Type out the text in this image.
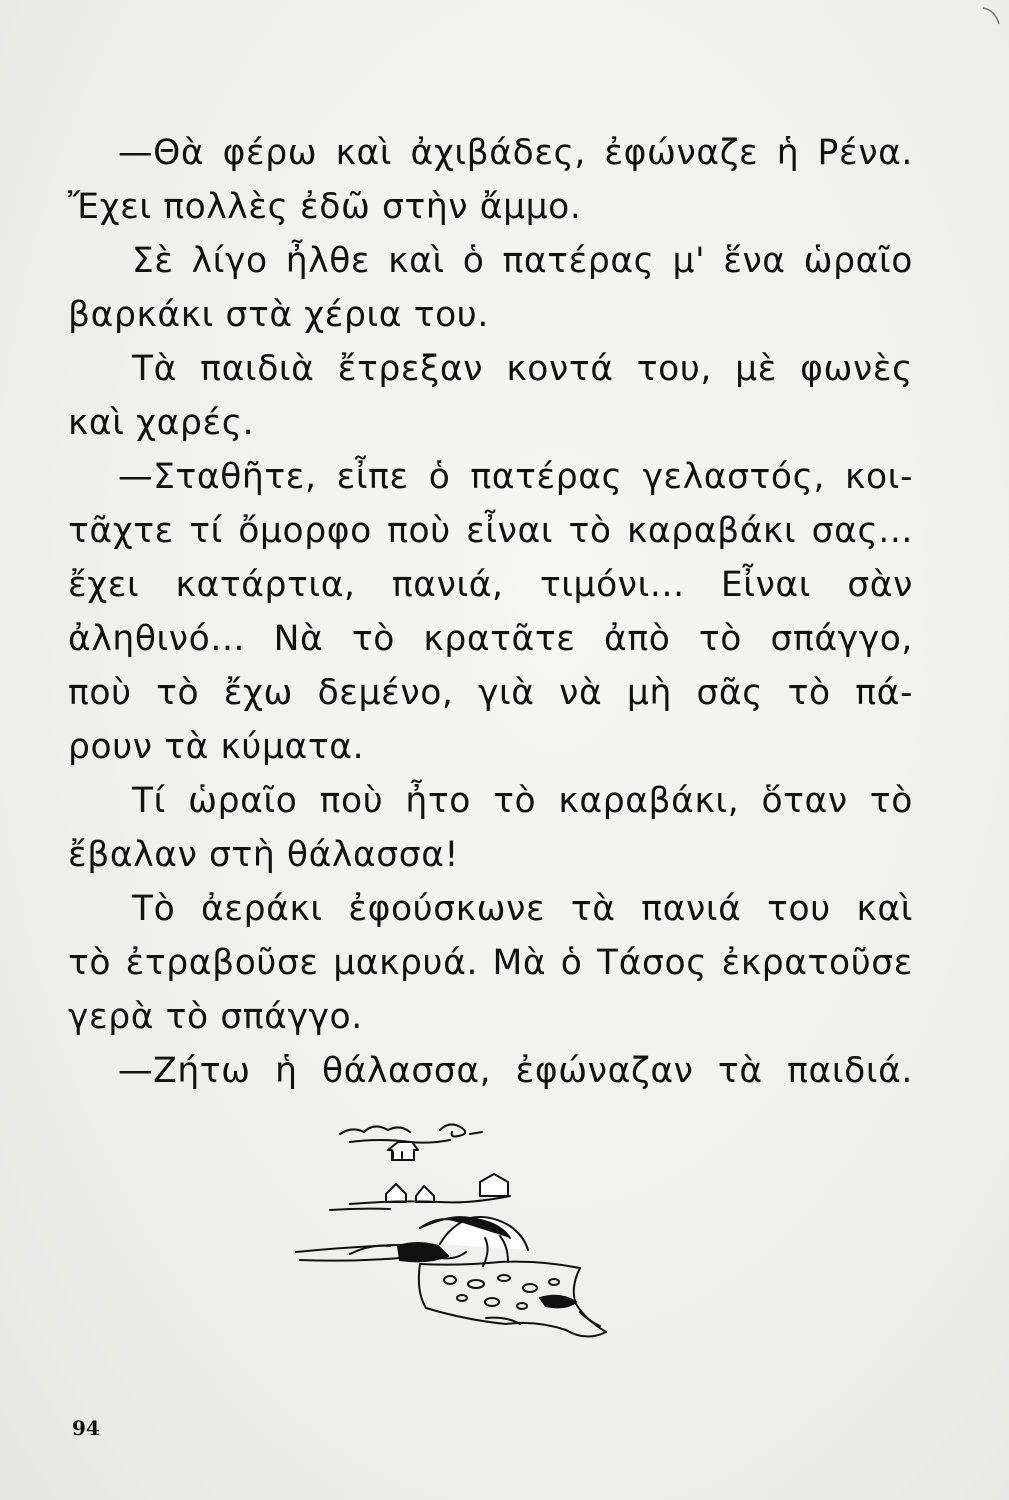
—Θὰ φέρω καὶ ἀχιβάδες, ἐφώναζε ἡ Ρένα.
Ἔχει πολλὲς ἐδῶ στὴν ἄμμο.
Σὲ λίγο ἦλθε καὶ ὁ πατέρας μ' ἕνα ὡραῖο
βαρκάκι στὰ χέρια του.
Τὰ παιδιὰ ἔτρεξαν κοντά του, μὲ φωνὲς
καὶ χαρές.
—Σταθῆτε, εἶπε ὁ πατέρας γελαστός, κοι-
τᾶχτε τί ὄμορφο ποὺ εἶναι τὸ καραβάκι σας...
ἔχει κατάρτια, πανιά, τιμόνι... Εἶναι σὰν
ἀληθινό... Νὰ τὸ κρατᾶτε ἀπὸ τὸ σπάγγο,
ποὺ τὸ ἔχω δεμένο, γιὰ νὰ μὴ σᾶς τὸ πά-
ρουν τὰ κύματα.
Τί ὡραῖο ποὺ ἦτο τὸ καραβάκι, ὅταν τὸ
ἔβαλαν στὴ θάλασσα!
Τὸ ἀεράκι ἐφούσκωνε τὰ πανιά του καὶ
τὸ ἐτραβοῦσε μακρυά. Μὰ ὁ Τάσος ἐκρατοῦσε
γερὰ τὸ σπάγγο.
—Ζήτω ἡ θάλασσα, ἐφώναζαν τὰ παιδιά.
94
